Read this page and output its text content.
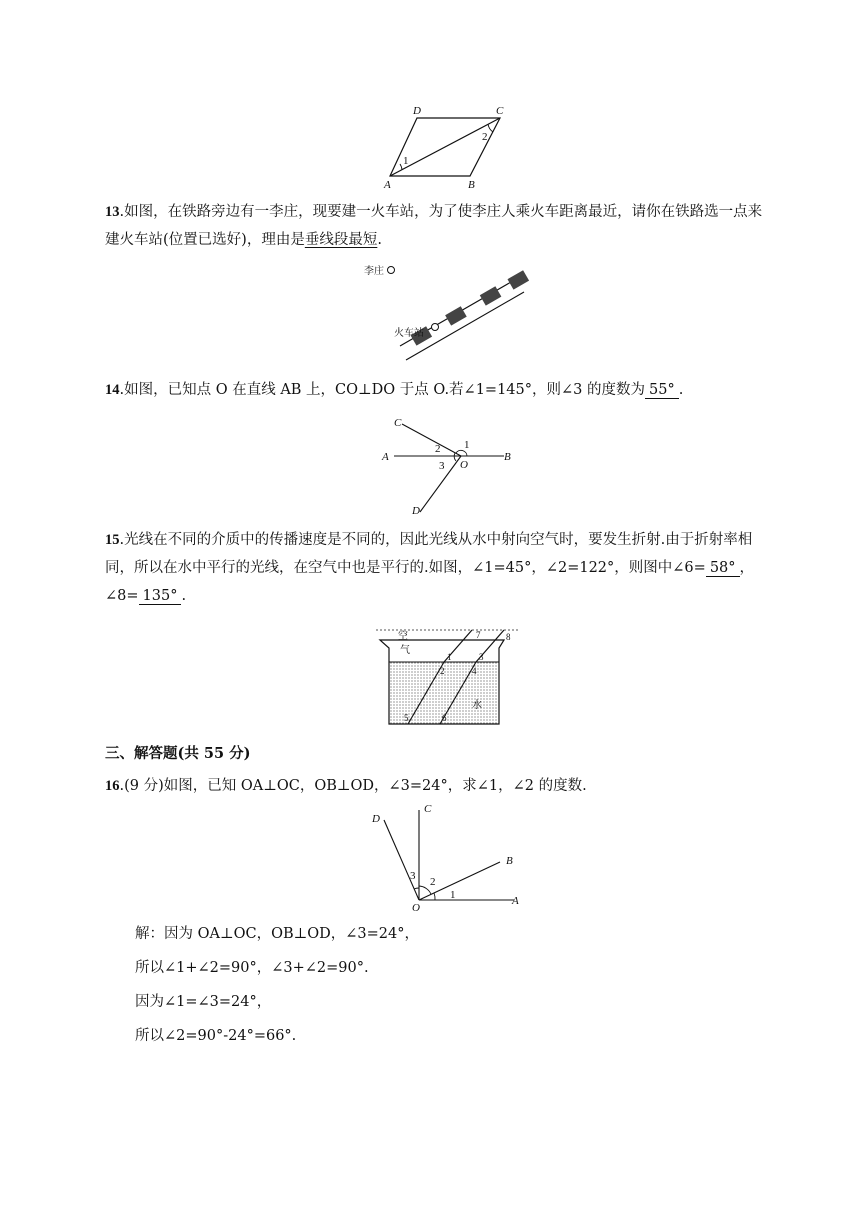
D	C
A	B
1
2
13.如图，在铁路旁边有一李庄，现要建一火车站，为了使李庄人乘火车距离最近，请你在铁路选一点来建火车站(位置已选好)，理由是垂线段最短.
李庄
火车站
14.如图，已知点 O 在直线 AB 上，CO⊥DO 于点 O.若∠1=145°，则∠3 的度数为 55° .
C
A	B
D
O
1
2
3
15.光线在不同的介质中的传播速度是不同的，因此光线从水中射向空气时，要发生折射.由于折射率相同，所以在水中平行的光线，在空气中也是平行的.如图，∠1=45°，∠2=122°，则图中∠6= 58° ，∠8= 135° .
空
气
水
1
2
3
4
5	6
7	8
三、解答题(共 55 分)
16.(9 分)如图，已知 OA⊥OC，OB⊥OD，∠3=24°，求∠1，∠2 的度数.
D
C
B
O
A
1
2
3
解：因为 OA⊥OC，OB⊥OD，∠3=24°，
所以∠1+∠2=90°，∠3+∠2=90°.
因为∠1=∠3=24°，
所以∠2=90°-24°=66°.
